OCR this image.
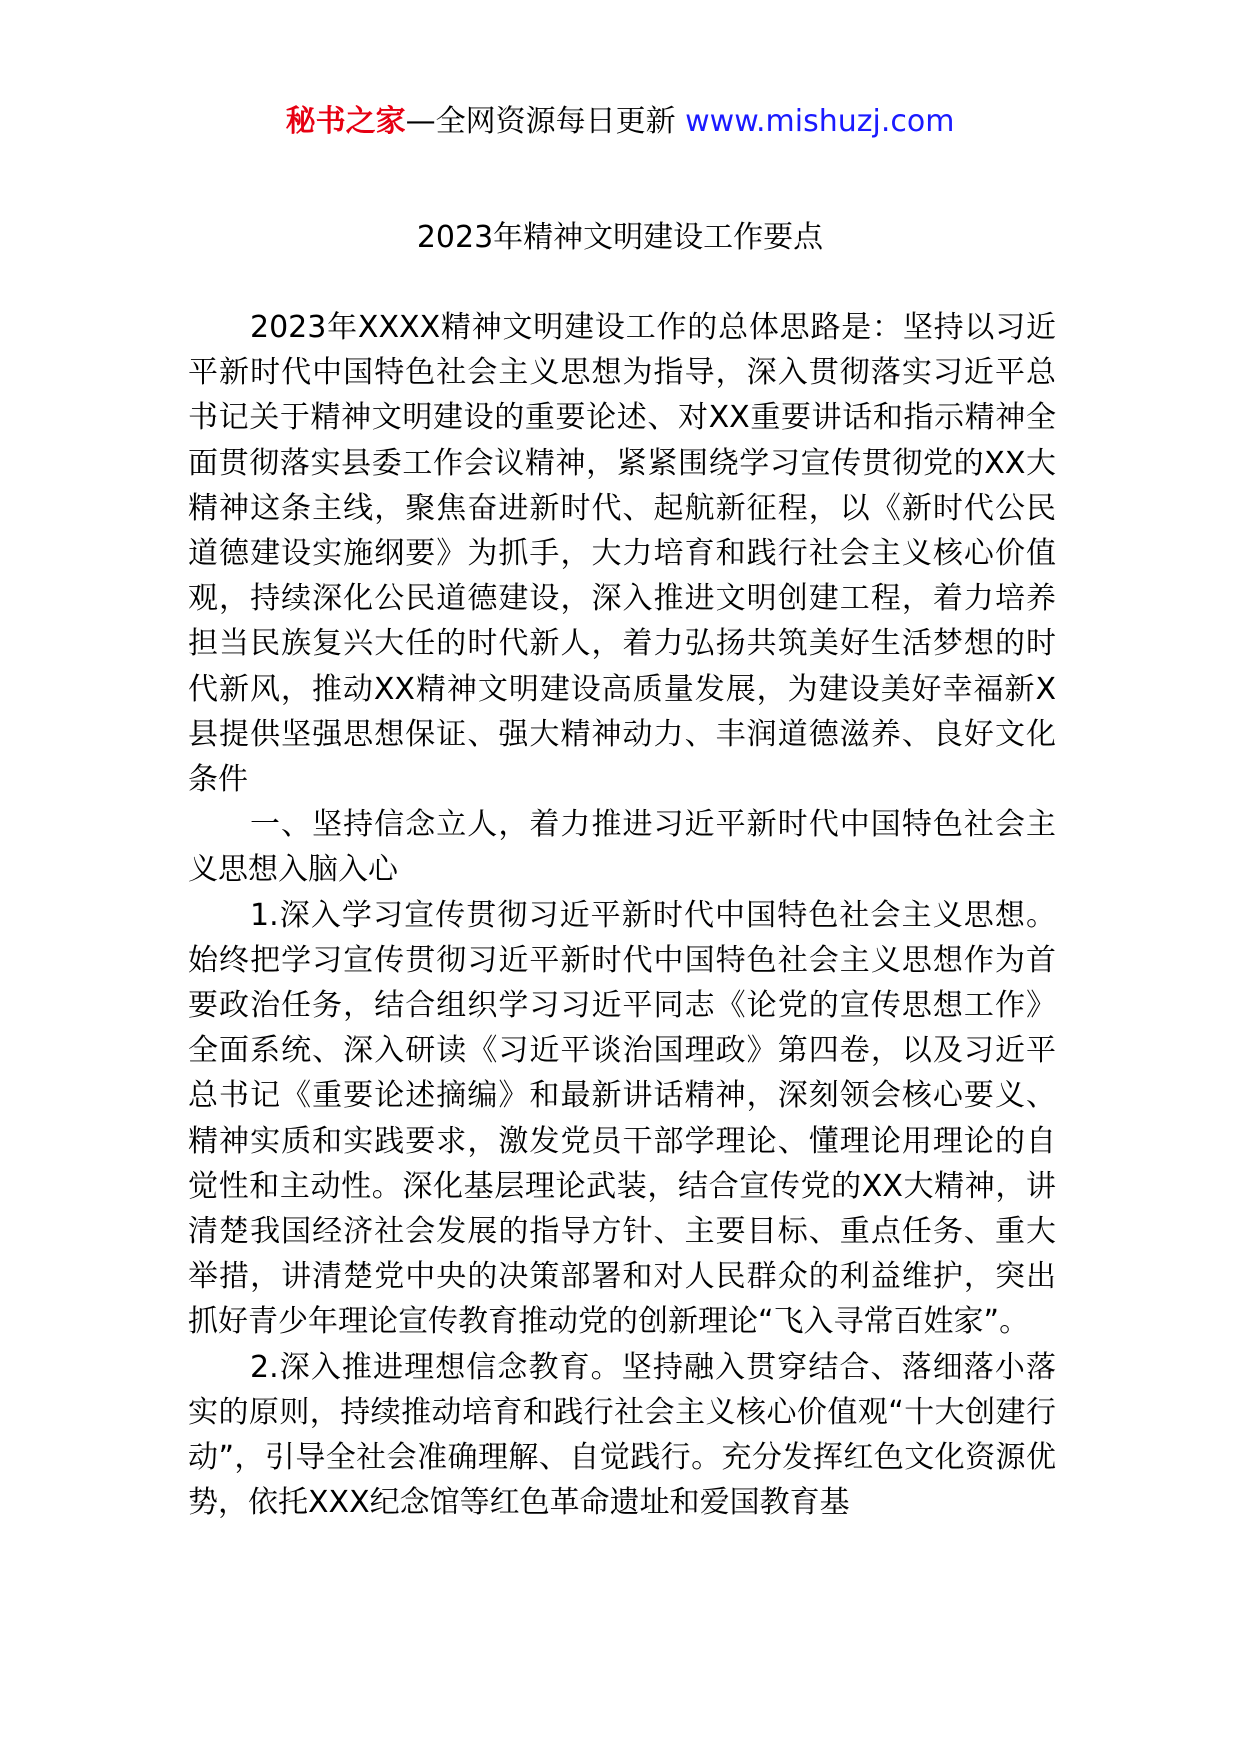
秘书之家—全网资源每日更新 www.mishuzj.com
2023年精神文明建设工作要点

2023年XXXX精神文明建设工作的总体思路是：坚持以习近平新时代中国特色社会主义思想为指导，深入贯彻落实习近平总书记关于精神文明建设的重要论述、对XX重要讲话和指示精神全面贯彻落实县委工作会议精神，紧紧围绕学习宣传贯彻党的XX大精神这条主线，聚焦奋进新时代、起航新征程，以《新时代公民道德建设实施纲要》为抓手，大力培育和践行社会主义核心价值观，持续深化公民道德建设，深入推进文明创建工程，着力培养担当民族复兴大任的时代新人，着力弘扬共筑美好生活梦想的时代新风，推动XX精神文明建设高质量发展，为建设美好幸福新X县提供坚强思想保证、强大精神动力、丰润道德滋养、良好文化条件

一、坚持信念立人，着力推进习近平新时代中国特色社会主义思想入脑入心

1.深入学习宣传贯彻习近平新时代中国特色社会主义思想。始终把学习宣传贯彻习近平新时代中国特色社会主义思想作为首要政治任务，结合组织学习习近平同志《论党的宣传思想工作》全面系统、深入研读《习近平谈治国理政》第四卷，以及习近平总书记《重要论述摘编》和最新讲话精神，深刻领会核心要义、精神实质和实践要求，激发党员干部学理论、懂理论用理论的自觉性和主动性。深化基层理论武装，结合宣传党的XX大精神，讲清楚我国经济社会发展的指导方针、主要目标、重点任务、重大举措，讲清楚党中央的决策部署和对人民群众的利益维护，突出抓好青少年理论宣传教育推动党的创新理论“飞入寻常百姓家”。

2.深入推进理想信念教育。坚持融入贯穿结合、落细落小落实的原则，持续推动培育和践行社会主义核心价值观“十大创建行动”，引导全社会准确理解、自觉践行。充分发挥红色文化资源优势，依托XXX纪念馆等红色革命遗址和爱国教育基
